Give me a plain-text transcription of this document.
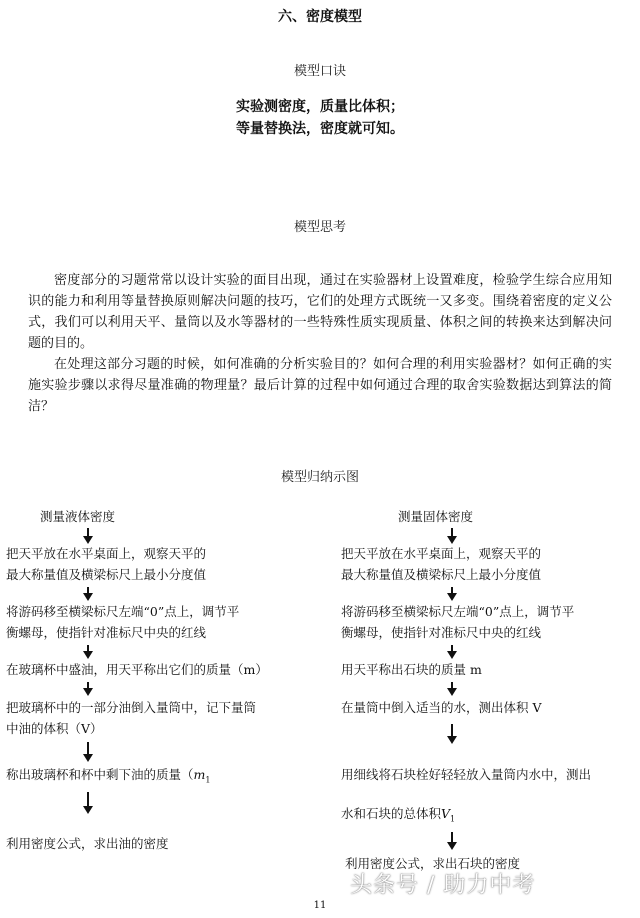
六、密度模型
模型口诀
实验测密度，质量比体积；
等量替换法，密度就可知。
模型思考

密度部分的习题常常以设计实验的面目出现，通过在实验器材上设置难度，检验学生综合应用知识的能力和利用等量替换原则解决问题的技巧，它们的处理方式既统一又多变。围绕着密度的定义公式，我们可以利用天平、量筒以及水等器材的一些特殊性质实现质量、体积之间的转换来达到解决问题的目的。

在处理这部分习题的时候，如何准确的分析实验目的？如何合理的利用实验器材？如何正确的实施实验步骤以求得尽量准确的物理量？最后计算的过程中如何通过合理的取舍实验数据达到算法的简洁？

模型归纳示图
测量液体密度
把天平放在水平桌面上，观察天平的
最大称量值及横梁标尺上最小分度值
将游码移至横梁标尺左端“0”点上，调节平
衡螺母，使指针对准标尺中央的红线
在玻璃杯中盛油，用天平称出它们的质量（m）
把玻璃杯中的一部分油倒入量筒中，记下量筒
中油的体积（V）
称出玻璃杯和杯中剩下油的质量（$m_1$
利用密度公式，求出油的密度
测量固体密度
把天平放在水平桌面上，观察天平的
最大称量值及横梁标尺上最小分度值
将游码移至横梁标尺左端“0”点上，调节平
衡螺母，使指针对准标尺中央的红线
用天平称出石块的质量 m
在量筒中倒入适当的水，测出体积 V
用细线将石块栓好轻轻放入量筒内水中，测出
水和石块的总体积$V_1$
利用密度公式，求出石块的密度
11
头条号 / 助力中考
